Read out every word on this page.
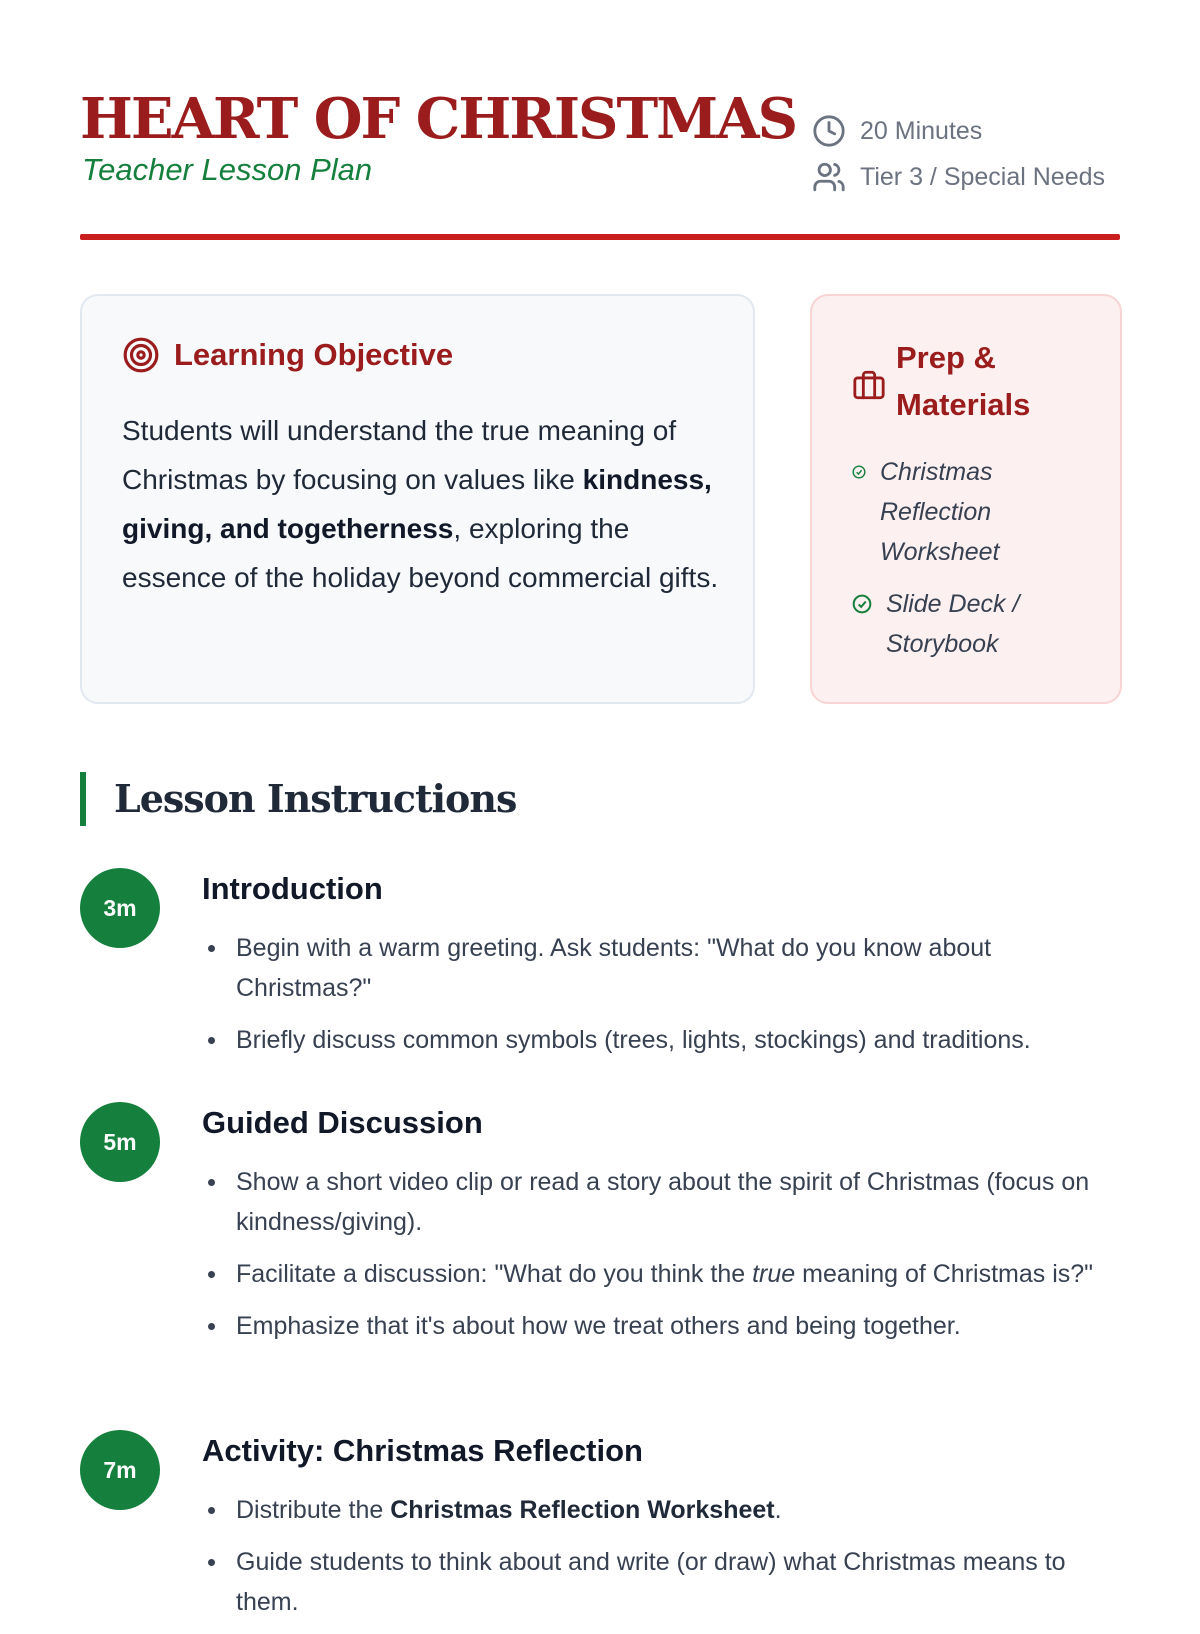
HEART OF CHRISTMAS
Teacher Lesson Plan
20 Minutes
Tier 3 / Special Needs
Learning Objective

Students will understand the true meaning of Christmas by focusing on values like kindness, giving, and togetherness, exploring the essence of the holiday beyond commercial gifts.

Prep &
Materials
Christmas Reflection Worksheet
Slide Deck / Storybook
Lesson Instructions
3m
Introduction
Begin with a warm greeting. Ask students: "What do you know about Christmas?"
Briefly discuss common symbols (trees, lights, stockings) and traditions.
5m
Guided Discussion
Show a short video clip or read a story about the spirit of Christmas (focus on kindness/giving).
Facilitate a discussion: "What do you think the true meaning of Christmas is?"
Emphasize that it's about how we treat others and being together.
7m
Activity: Christmas Reflection
Distribute the Christmas Reflection Worksheet.
Guide students to think about and write (or draw) what Christmas means to them.
